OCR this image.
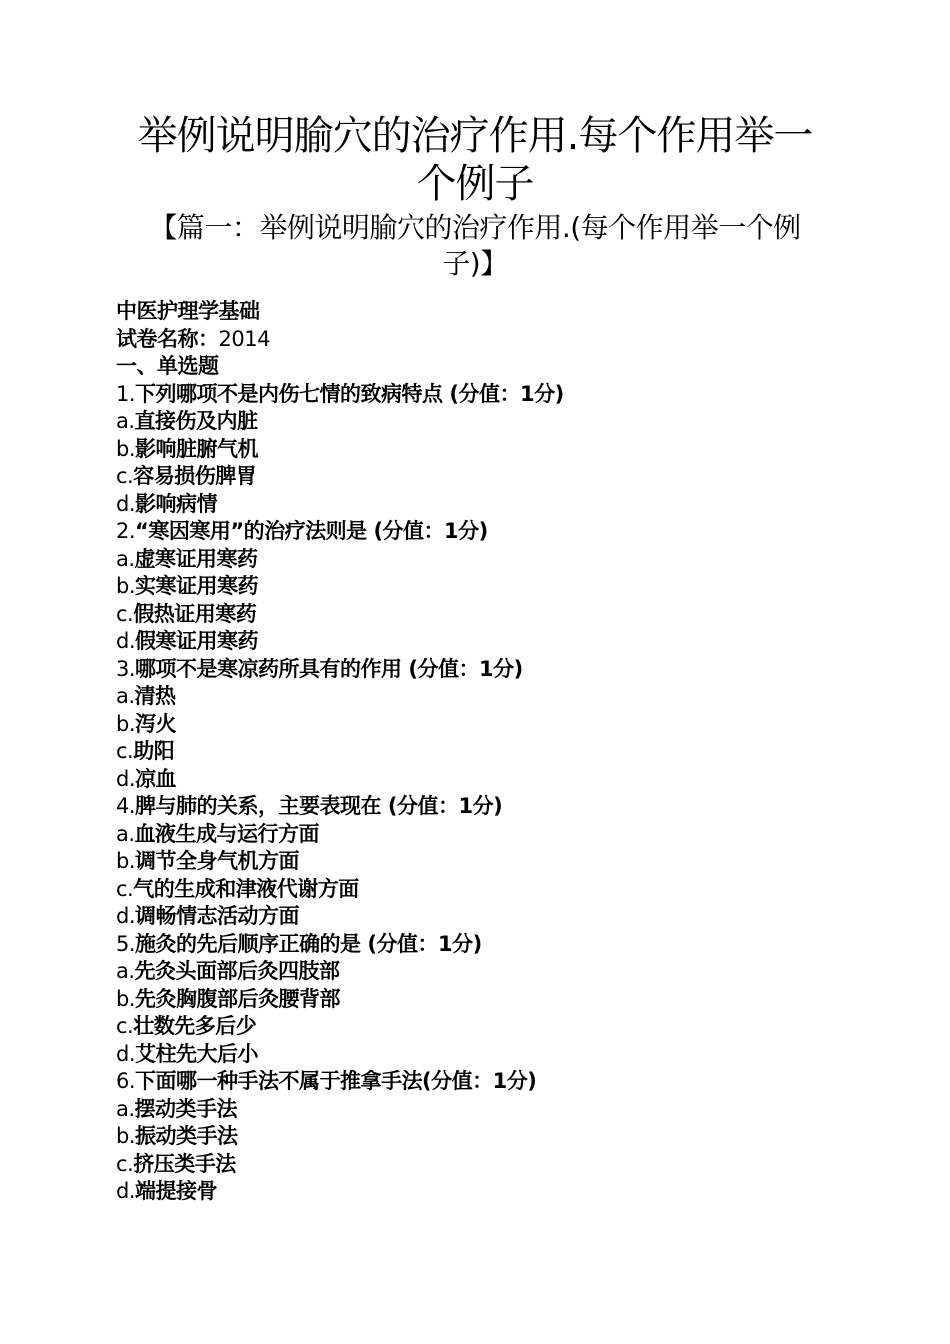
举例说明腧穴的治疗作用.每个作用举一
个例子
【篇一：举例说明腧穴的治疗作用.(每个作用举一个例
子)】
中医护理学基础
试卷名称：2014
一、单选题
1.下列哪项不是内伤七情的致病特点 (分值：1分)
a.直接伤及内脏
b.影响脏腑气机
c.容易损伤脾胃
d.影响病情
2.“寒因寒用”的治疗法则是 (分值：1分)
a.虚寒证用寒药
b.实寒证用寒药
c.假热证用寒药
d.假寒证用寒药
3.哪项不是寒凉药所具有的作用 (分值：1分)
a.清热
b.泻火
c.助阳
d.凉血
4.脾与肺的关系，主要表现在 (分值：1分)
a.血液生成与运行方面
b.调节全身气机方面
c.气的生成和津液代谢方面
d.调畅情志活动方面
5.施灸的先后顺序正确的是 (分值：1分)
a.先灸头面部后灸四肢部
b.先灸胸腹部后灸腰背部
c.壮数先多后少
d.艾柱先大后小
6.下面哪一种手法不属于推拿手法(分值：1分)
a.摆动类手法
b.振动类手法
c.挤压类手法
d.端提接骨
